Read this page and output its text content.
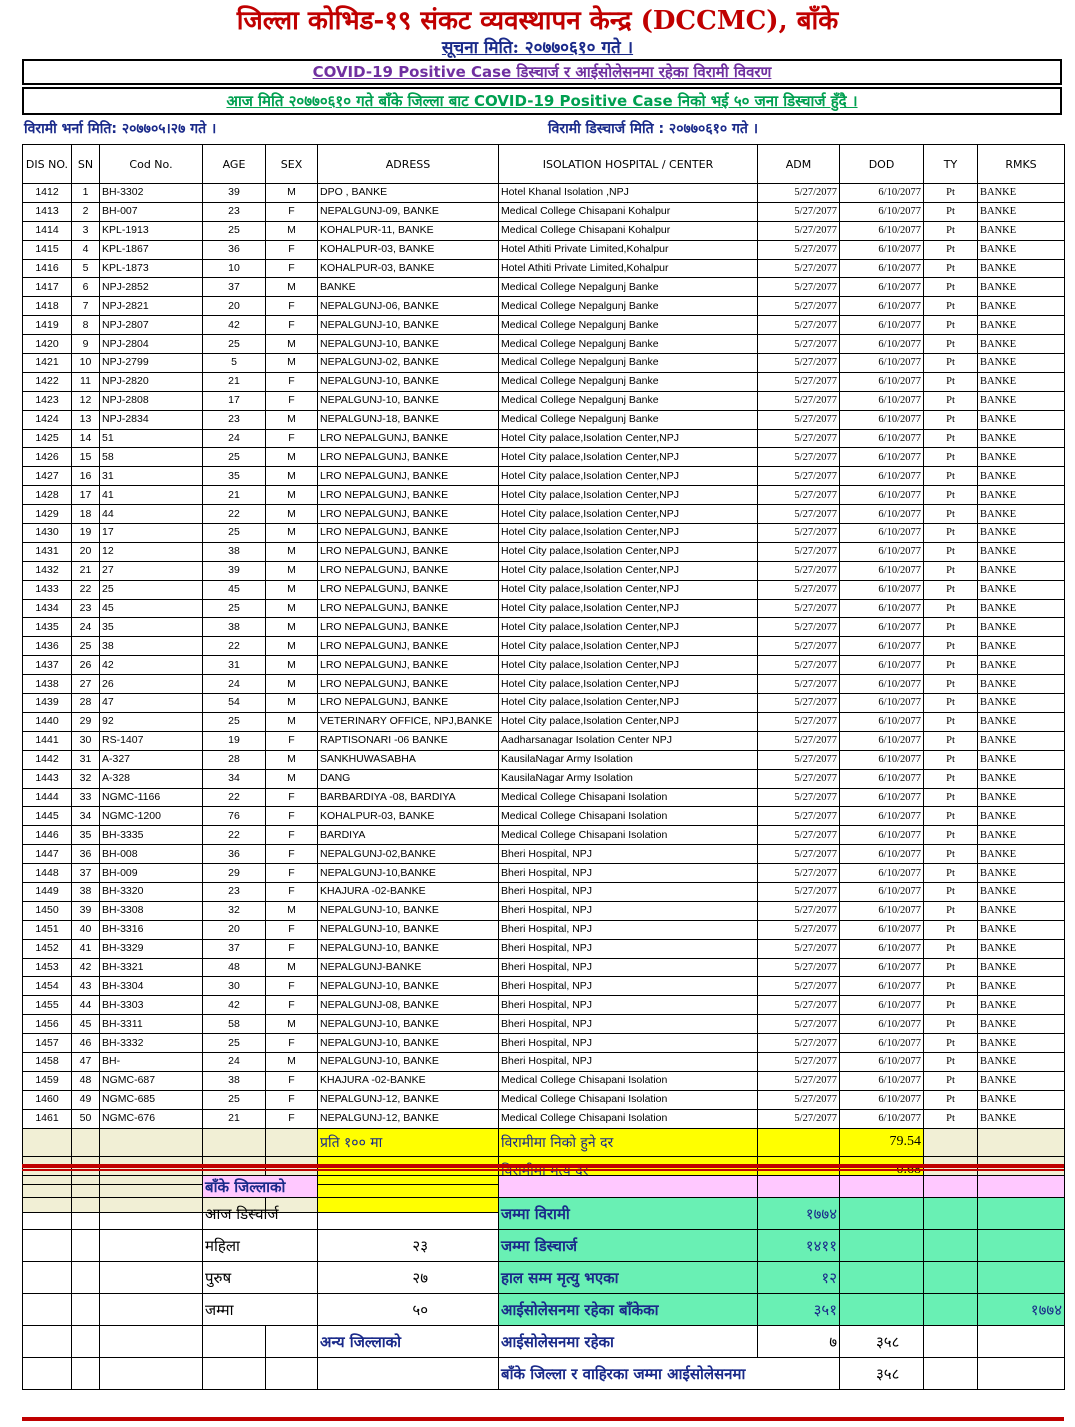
जिल्ला कोभिड-१९ संकट व्यवस्थापन केन्द्र (DCCMC), बाँके
सूचना मिति: २०७७०६१० गते ।
COVID-19 Positive Case डिस्चार्ज र आईसोलेसनमा रहेका विरामी विवरण
आज मिति २०७७०६१० गते बाँके जिल्ला बाट COVID-19 Positive Case निको भई ५० जना डिस्चार्ज हुँदै ।
विरामी भर्ना मिति: २०७७०५।२७ गते ।	विरामी डिस्चार्ज मिति : २०७७०६१० गते ।
DIS NO.	SN	Cod No.	AGE	SEX	ADRESS	ISOLATION HOSPITAL / CENTER	ADM	DOD	TY	RMKS
1412	1	BH-3302	39	M	DPO , BANKE	Hotel Khanal Isolation ,NPJ	5/27/2077	6/10/2077	Pt	BANKE
1413	2	BH-007	23	F	NEPALGUNJ-09, BANKE	Medical College Chisapani Kohalpur	5/27/2077	6/10/2077	Pt	BANKE
1414	3	KPL-1913	25	M	KOHALPUR-11, BANKE	Medical College Chisapani Kohalpur	5/27/2077	6/10/2077	Pt	BANKE
1415	4	KPL-1867	36	F	KOHALPUR-03, BANKE	Hotel Athiti Private Limited,Kohalpur	5/27/2077	6/10/2077	Pt	BANKE
1416	5	KPL-1873	10	F	KOHALPUR-03, BANKE	Hotel Athiti Private Limited,Kohalpur	5/27/2077	6/10/2077	Pt	BANKE
1417	6	NPJ-2852	37	M	BANKE	Medical College Nepalgunj Banke	5/27/2077	6/10/2077	Pt	BANKE
1418	7	NPJ-2821	20	F	NEPALGUNJ-06, BANKE	Medical College Nepalgunj Banke	5/27/2077	6/10/2077	Pt	BANKE
1419	8	NPJ-2807	42	F	NEPALGUNJ-10, BANKE	Medical College Nepalgunj Banke	5/27/2077	6/10/2077	Pt	BANKE
1420	9	NPJ-2804	25	M	NEPALGUNJ-10, BANKE	Medical College Nepalgunj Banke	5/27/2077	6/10/2077	Pt	BANKE
1421	10	NPJ-2799	5	M	NEPALGUNJ-02, BANKE	Medical College Nepalgunj Banke	5/27/2077	6/10/2077	Pt	BANKE
1422	11	NPJ-2820	21	F	NEPALGUNJ-10, BANKE	Medical College Nepalgunj Banke	5/27/2077	6/10/2077	Pt	BANKE
1423	12	NPJ-2808	17	F	NEPALGUNJ-10, BANKE	Medical College Nepalgunj Banke	5/27/2077	6/10/2077	Pt	BANKE
1424	13	NPJ-2834	23	M	NEPALGUNJ-18, BANKE	Medical College Nepalgunj Banke	5/27/2077	6/10/2077	Pt	BANKE
1425	14	51	24	F	LRO NEPALGUNJ, BANKE	Hotel City palace,Isolation Center,NPJ	5/27/2077	6/10/2077	Pt	BANKE
1426	15	58	25	M	LRO NEPALGUNJ, BANKE	Hotel City palace,Isolation Center,NPJ	5/27/2077	6/10/2077	Pt	BANKE
1427	16	31	35	M	LRO NEPALGUNJ, BANKE	Hotel City palace,Isolation Center,NPJ	5/27/2077	6/10/2077	Pt	BANKE
1428	17	41	21	M	LRO NEPALGUNJ, BANKE	Hotel City palace,Isolation Center,NPJ	5/27/2077	6/10/2077	Pt	BANKE
1429	18	44	22	M	LRO NEPALGUNJ, BANKE	Hotel City palace,Isolation Center,NPJ	5/27/2077	6/10/2077	Pt	BANKE
1430	19	17	25	M	LRO NEPALGUNJ, BANKE	Hotel City palace,Isolation Center,NPJ	5/27/2077	6/10/2077	Pt	BANKE
1431	20	12	38	M	LRO NEPALGUNJ, BANKE	Hotel City palace,Isolation Center,NPJ	5/27/2077	6/10/2077	Pt	BANKE
1432	21	27	39	M	LRO NEPALGUNJ, BANKE	Hotel City palace,Isolation Center,NPJ	5/27/2077	6/10/2077	Pt	BANKE
1433	22	25	45	M	LRO NEPALGUNJ, BANKE	Hotel City palace,Isolation Center,NPJ	5/27/2077	6/10/2077	Pt	BANKE
1434	23	45	25	M	LRO NEPALGUNJ, BANKE	Hotel City palace,Isolation Center,NPJ	5/27/2077	6/10/2077	Pt	BANKE
1435	24	35	38	M	LRO NEPALGUNJ, BANKE	Hotel City palace,Isolation Center,NPJ	5/27/2077	6/10/2077	Pt	BANKE
1436	25	38	22	M	LRO NEPALGUNJ, BANKE	Hotel City palace,Isolation Center,NPJ	5/27/2077	6/10/2077	Pt	BANKE
1437	26	42	31	M	LRO NEPALGUNJ, BANKE	Hotel City palace,Isolation Center,NPJ	5/27/2077	6/10/2077	Pt	BANKE
1438	27	26	24	M	LRO NEPALGUNJ, BANKE	Hotel City palace,Isolation Center,NPJ	5/27/2077	6/10/2077	Pt	BANKE
1439	28	47	54	M	LRO NEPALGUNJ, BANKE	Hotel City palace,Isolation Center,NPJ	5/27/2077	6/10/2077	Pt	BANKE
1440	29	92	25	M	VETERINARY OFFICE, NPJ,BANKE	Hotel City palace,Isolation Center,NPJ	5/27/2077	6/10/2077	Pt	BANKE
1441	30	RS-1407	19	F	RAPTISONARI -06 BANKE	Aadharsanagar Isolation Center NPJ	5/27/2077	6/10/2077	Pt	BANKE
1442	31	A-327	28	M	SANKHUWASABHA	KausilaNagar Army Isolation	5/27/2077	6/10/2077	Pt	BANKE
1443	32	A-328	34	M	DANG	KausilaNagar Army Isolation	5/27/2077	6/10/2077	Pt	BANKE
1444	33	NGMC-1166	22	F	BARBARDIYA -08, BARDIYA	Medical College Chisapani Isolation	5/27/2077	6/10/2077	Pt	BANKE
1445	34	NGMC-1200	76	F	KOHALPUR-03, BANKE	Medical College Chisapani Isolation	5/27/2077	6/10/2077	Pt	BANKE
1446	35	BH-3335	22	F	BARDIYA	Medical College Chisapani Isolation	5/27/2077	6/10/2077	Pt	BANKE
1447	36	BH-008	36	F	NEPALGUNJ-02,BANKE	Bheri Hospital, NPJ	5/27/2077	6/10/2077	Pt	BANKE
1448	37	BH-009	29	F	NEPALGUNJ-10,BANKE	Bheri Hospital, NPJ	5/27/2077	6/10/2077	Pt	BANKE
1449	38	BH-3320	23	F	KHAJURA -02-BANKE	Bheri Hospital, NPJ	5/27/2077	6/10/2077	Pt	BANKE
1450	39	BH-3308	32	M	NEPALGUNJ-10, BANKE	Bheri Hospital, NPJ	5/27/2077	6/10/2077	Pt	BANKE
1451	40	BH-3316	20	F	NEPALGUNJ-10, BANKE	Bheri Hospital, NPJ	5/27/2077	6/10/2077	Pt	BANKE
1452	41	BH-3329	37	F	NEPALGUNJ-10, BANKE	Bheri Hospital, NPJ	5/27/2077	6/10/2077	Pt	BANKE
1453	42	BH-3321	48	M	NEPALGUNJ-BANKE	Bheri Hospital, NPJ	5/27/2077	6/10/2077	Pt	BANKE
1454	43	BH-3304	30	F	NEPALGUNJ-10, BANKE	Bheri Hospital, NPJ	5/27/2077	6/10/2077	Pt	BANKE
1455	44	BH-3303	42	F	NEPALGUNJ-08, BANKE	Bheri Hospital, NPJ	5/27/2077	6/10/2077	Pt	BANKE
1456	45	BH-3311	58	M	NEPALGUNJ-10, BANKE	Bheri Hospital, NPJ	5/27/2077	6/10/2077	Pt	BANKE
1457	46	BH-3332	25	F	NEPALGUNJ-10, BANKE	Bheri Hospital, NPJ	5/27/2077	6/10/2077	Pt	BANKE
1458	47	BH-	24	M	NEPALGUNJ-10, BANKE	Bheri Hospital, NPJ	5/27/2077	6/10/2077	Pt	BANKE
1459	48	NGMC-687	38	F	KHAJURA -02-BANKE	Medical College Chisapani Isolation	5/27/2077	6/10/2077	Pt	BANKE
1460	49	NGMC-685	25	F	NEPALGUNJ-12, BANKE	Medical College Chisapani Isolation	5/27/2077	6/10/2077	Pt	BANKE
1461	50	NGMC-676	21	F	NEPALGUNJ-12, BANKE	Medical College Chisapani Isolation	5/27/2077	6/10/2077	Pt	BANKE
					प्रति १०० मा	विरामीमा निको हुने दर		79.54		

			बाँके जिल्लाको							
			आज डिस्चार्ज			जम्मा विरामी	१७७४			
			महिला		२३	जम्मा डिस्चार्ज	१४११			
			पुरुष		२७	हाल सम्म मृत्यु भएका	१२			
			जम्मा		५०	आईसोलेसनमा रहेका बाँकेका	३५१			१७७४
					अन्य जिल्लाको	आईसोलेसनमा रहेका	७	३५८		
						बाँके जिल्ला र वाहिरका जम्मा आईसोलेसनमा		३५८		
